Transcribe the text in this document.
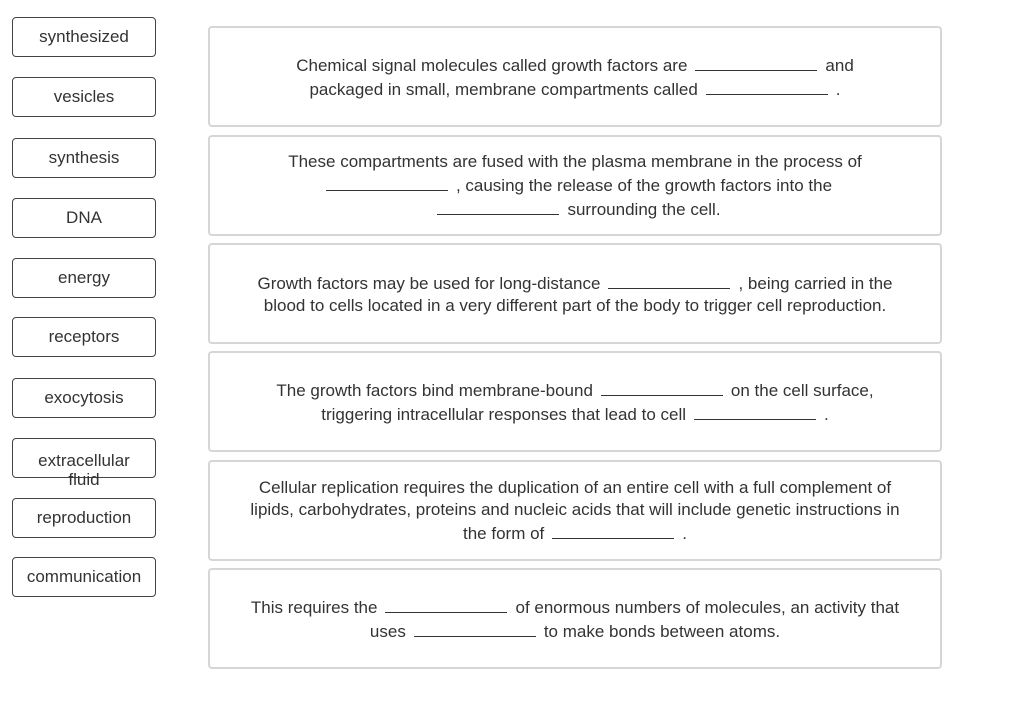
synthesized
vesicles
synthesis
DNA
energy
receptors
exocytosis
extracellular fluid
reproduction
communication
Chemical signal molecules called growth factors are	and packaged in small, membrane compartments called	.
These compartments are fused with the plasma membrane in the process of , causing the release of the growth factors into the surrounding the cell.
Growth factors may be used for long-distance	, being carried in the blood to cells located in a very different part of the body to trigger cell reproduction.
The growth factors bind membrane-bound	on the cell surface, triggering intracellular responses that lead to cell	.
Cellular replication requires the duplication of an entire cell with a full complement of lipids, carbohydrates, proteins and nucleic acids that will include genetic instructions in the form of	.
This requires the	of enormous numbers of molecules, an activity that uses	to make bonds between atoms.
